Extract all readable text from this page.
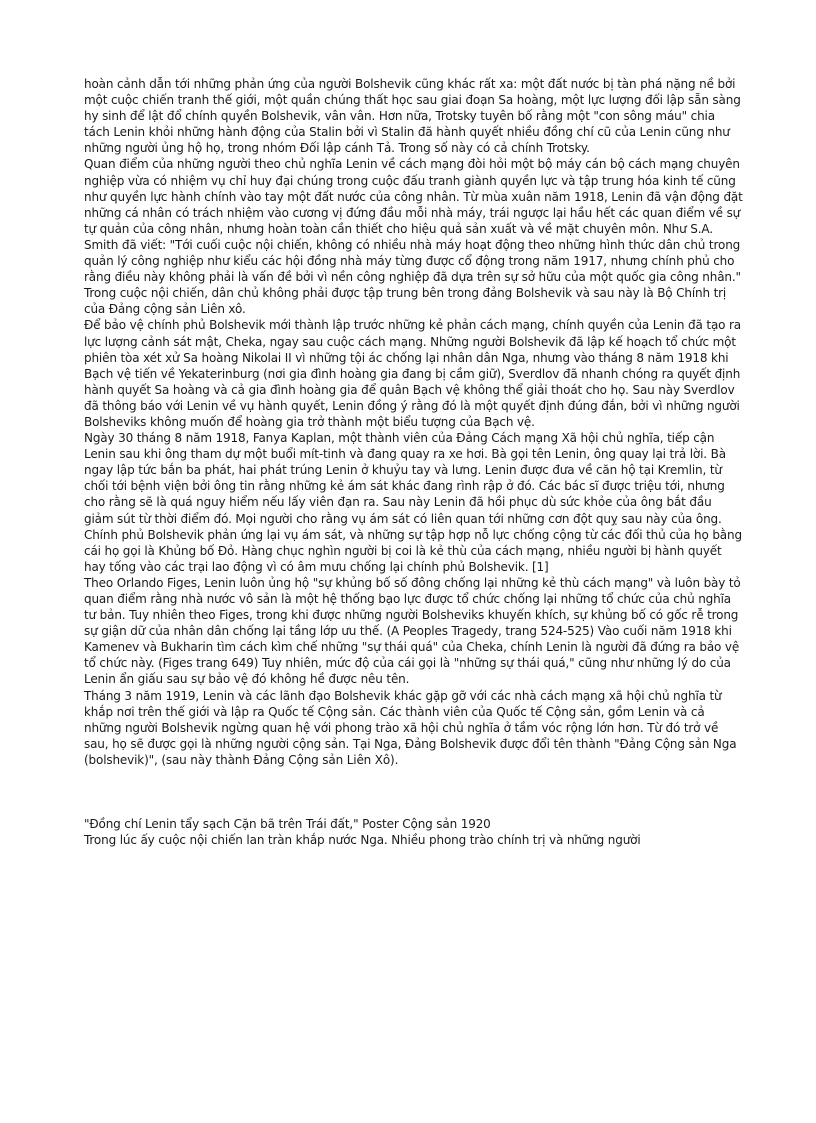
hoàn cảnh dẫn tới những phản ứng của người Bolshevik cũng khác rất xa: một đất nước bị tàn phá nặng nề bởi một cuộc chiến tranh thế giới, một quần chúng thất học sau giai đoạn Sa hoàng, một lực lượng đối lập sẵn sàng hy sinh để lật đổ chính quyền Bolshevik, vân vân. Hơn nữa, Trotsky tuyên bố rằng một "con sông máu" chia tách Lenin khỏi những hành động của Stalin bởi vì Stalin đã hành quyết nhiều đồng chí cũ của Lenin cũng như những người ủng hộ họ, trong nhóm Đối lập cánh Tả. Trong số này có cả chính Trotsky.

Quan điểm của những người theo chủ nghĩa Lenin về cách mạng đòi hỏi một bộ máy cán bộ cách mạng chuyên nghiệp vừa có nhiệm vụ chỉ huy đại chúng trong cuộc đấu tranh giành quyền lực và tập trung hóa kinh tế cũng như quyền lực hành chính vào tay một đất nước của công nhân. Từ mùa xuân năm 1918, Lenin đã vận động đặt những cá nhân có trách nhiệm vào cương vị đứng đầu mỗi nhà máy, trái ngược lại hầu hết các quan điểm về sự tự quản của công nhân, nhưng hoàn toàn cần thiết cho hiệu quả sản xuất và về mặt chuyên môn. Như S.A. Smith đã viết: "Tới cuối cuộc nội chiến, không có nhiều nhà máy hoạt động theo những hình thức dân chủ trong quản lý công nghiệp như kiểu các hội đồng nhà máy từng được cổ động trong năm 1917, nhưng chính phủ cho rằng điều này không phải là vấn đề bởi vì nền công nghiệp đã dựa trên sự sở hữu của một quốc gia công nhân." Trong cuộc nội chiến, dân chủ không phải được tập trung bên trong đảng Bolshevik và sau này là Bộ Chính trị của Đảng cộng sản Liên xô.

Để bảo vệ chính phủ Bolshevik mới thành lập trước những kẻ phản cách mạng, chính quyền của Lenin đã tạo ra lực lượng cảnh sát mật, Cheka, ngay sau cuộc cách mạng. Những người Bolshevik đã lập kế hoạch tổ chức một phiên tòa xét xử Sa hoàng Nikolai II vì những tội ác chống lại nhân dân Nga, nhưng vào tháng 8 năm 1918 khi Bạch vệ tiến về Yekaterinburg (nơi gia đình hoàng gia đang bị cầm giữ), Sverdlov đã nhanh chóng ra quyết định hành quyết Sa hoàng và cả gia đình hoàng gia để quân Bạch vệ không thể giải thoát cho họ. Sau này Sverdlov đã thông báo với Lenin về vụ hành quyết, Lenin đồng ý rằng đó là một quyết định đúng đắn, bởi vì những người Bolsheviks không muốn để hoàng gia trở thành một biểu tượng của Bạch vệ.

Ngày 30 tháng 8 năm 1918, Fanya Kaplan, một thành viên của Đảng Cách mạng Xã hội chủ nghĩa, tiếp cận Lenin sau khi ông tham dự một buổi mít-tinh và đang quay ra xe hơi. Bà gọi tên Lenin, ông quay lại trả lời. Bà ngay lập tức bắn ba phát, hai phát trúng Lenin ở khuỷu tay và lưng. Lenin được đưa về căn hộ tại Kremlin, từ chối tới bệnh viện bởi ông tin rằng những kẻ ám sát khác đang rình rập ở đó. Các bác sĩ được triệu tới, nhưng cho rằng sẽ là quá nguy hiểm nếu lấy viên đạn ra. Sau này Lenin đã hồi phục dù sức khỏe của ông bắt đầu giảm sút từ thời điểm đó. Mọi người cho rằng vụ ám sát có liên quan tới những cơn đột quỵ sau này của ông.

Chính phủ Bolshevik phản ứng lại vụ ám sát, và những sự tập hợp nỗ lực chống cộng từ các đối thủ của họ bằng cái họ gọi là Khủng bố Đỏ. Hàng chục nghìn người bị coi là kẻ thù của cách mạng, nhiều người bị hành quyết hay tống vào các trại lao động vì có âm mưu chống lại chính phủ Bolshevik. [1]

Theo Orlando Figes, Lenin luôn ủng hộ "sự khủng bố số đông chống lại những kẻ thù cách mạng" và luôn bày tỏ quan điểm rằng nhà nước vô sản là một hệ thống bạo lực được tổ chức chống lại những tổ chức của chủ nghĩa tư bản. Tuy nhiên theo Figes, trong khi được những người Bolsheviks khuyến khích, sự khủng bố có gốc rễ trong sự giận dữ của nhân dân chống lại tầng lớp ưu thế. (A Peoples Tragedy, trang 524-525) Vào cuối năm 1918 khi Kamenev và Bukharin tìm cách kìm chế những "sự thái quá" của Cheka, chính Lenin là người đã đứng ra bảo vệ tổ chức này. (Figes trang 649) Tuy nhiên, mức độ của cái gọi là "những sự thái quá," cũng như những lý do của Lenin ẩn giấu sau sự bảo vệ đó không hề được nêu tên.

Tháng 3 năm 1919, Lenin và các lãnh đạo Bolshevik khác gặp gỡ với các nhà cách mạng xã hội chủ nghĩa từ khắp nơi trên thế giới và lập ra Quốc tế Cộng sản. Các thành viên của Quốc tế Cộng sản, gồm Lenin và cả những người Bolshevik ngừng quan hệ với phong trào xã hội chủ nghĩa ở tầm vóc rộng lớn hơn. Từ đó trở về sau, họ sẽ được gọi là những người cộng sản. Tại Nga, Đảng Bolshevik được đổi tên thành "Đảng Cộng sản Nga (bolshevik)", (sau này thành Đảng Cộng sản Liên Xô).

"Đồng chí Lenin tẩy sạch Cặn bã trên Trái đất," Poster Cộng sản 1920

Trong lúc ấy cuộc nội chiến lan tràn khắp nước Nga. Nhiều phong trào chính trị và những người
